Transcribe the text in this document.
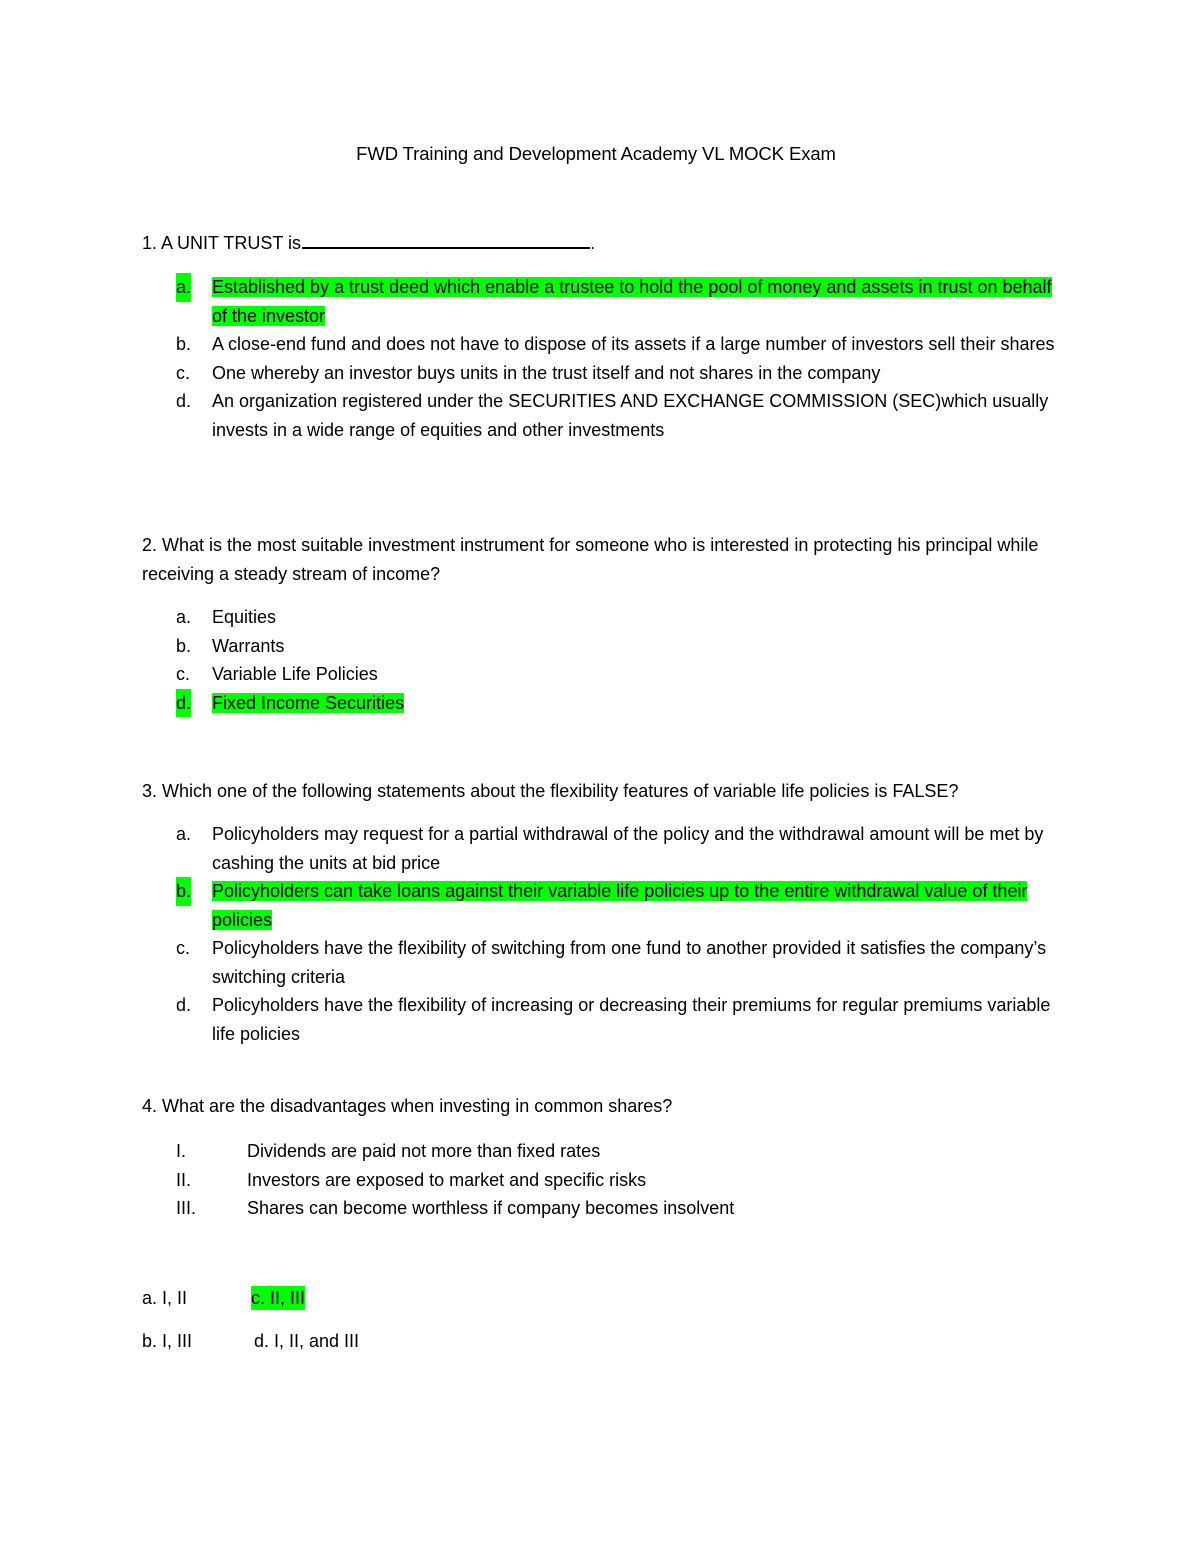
FWD Training and Development Academy VL MOCK Exam
1. A UNIT TRUST is	.
a. Established by a trust deed which enable a trustee to hold the pool of money and assets in trust on behalf of the investor
b. A close-end fund and does not have to dispose of its assets if a large number of investors sell their shares
c. One whereby an investor buys units in the trust itself and not shares in the company
d. An organization registered under the SECURITIES AND EXCHANGE COMMISSION (SEC)which usually invests in a wide range of equities and other investments
2. What is the most suitable investment instrument for someone who is interested in protecting his principal while receiving a steady stream of income?
a. Equities
b. Warrants
c. Variable Life Policies
d. Fixed Income Securities
3. Which one of the following statements about the flexibility features of variable life policies is FALSE?
a. Policyholders may request for a partial withdrawal of the policy and the withdrawal amount will be met by cashing the units at bid price
b. Policyholders can take loans against their variable life policies up to the entire withdrawal value of their policies
c. Policyholders have the flexibility of switching from one fund to another provided it satisfies the company’s switching criteria
d. Policyholders have the flexibility of increasing or decreasing their premiums for regular premiums variable life policies
4. What are the disadvantages when investing in common shares?
I.	Dividends are paid not more than fixed rates
II.	Investors are exposed to market and specific risks
III.	Shares can become worthless if company becomes insolvent
a. I, II	c. II, III
b. I, III	d. I, II, and III
